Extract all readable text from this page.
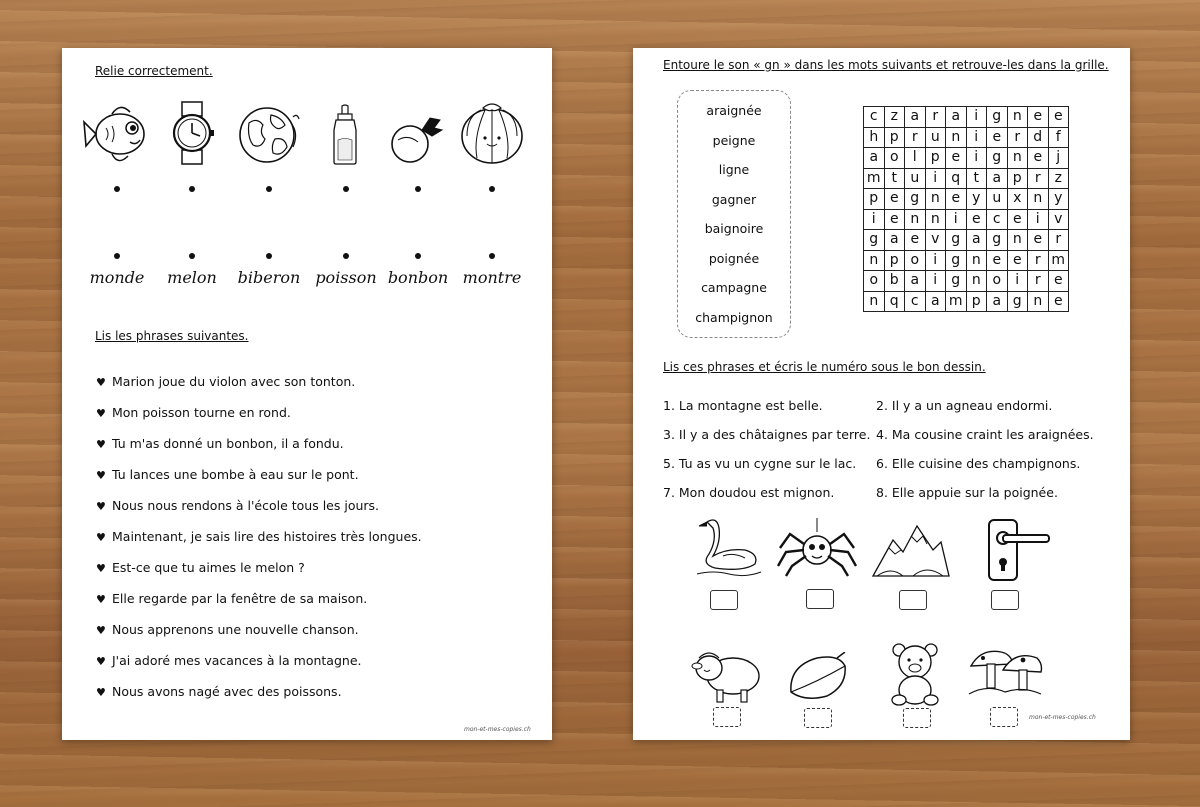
Relie correctement.
monde	melon	biberon poisson bonbon montre
Lis les phrases suivantes.
♥ Marion joue du violon avec son tonton.
♥ Mon poisson tourne en rond.
♥ Tu m'as donné un bonbon, il a fondu.
♥ Tu lances une bombe à eau sur le pont.
♥ Nous nous rendons à l'école tous les jours.
♥ Maintenant, je sais lire des histoires très longues.
♥ Est-ce que tu aimes le melon ?
♥ Elle regarde par la fenêtre de sa maison.
♥ Nous apprenons une nouvelle chanson.
♥ J'ai adoré mes vacances à la montagne.
♥ Nous avons nagé avec des poissons.
mon-et-mes-copies.ch
Entoure le son « gn » dans les mots suivants et retrouve-les dans la grille.
araignée
peigne
ligne
gagner
baignoire
poignée
campagne
champignon
c	z	a	r	a	i	g	n	e	e
h	p	r	u	n	i	e	r	d	f
a	o	l	p	e	i	g	n	e	j
m	t	u	i	q	t	a	p	r	z
p	e	g	n	e	y	u	x	n	y
i	e	n	n	i	e	c	e	i	v
g	a	e	v	g	a	g	n	e	r
n	p	o	i	g	n	e	e	r	m
o	b	a	i	g	n	o	i	r	e
n	q	c	a	m	p	a	g	n	e
Lis ces phrases et écris le numéro sous le bon dessin.
1. La montagne est belle.	2. Il y a un agneau endormi.
3. Il y a des châtaignes par terre. 4. Ma cousine craint les araignées.
5. Tu as vu un cygne sur le lac. 6. Elle cuisine des champignons.
7. Mon doudou est mignon.	8. Elle appuie sur la poignée.
mon-et-mes-copies.ch
